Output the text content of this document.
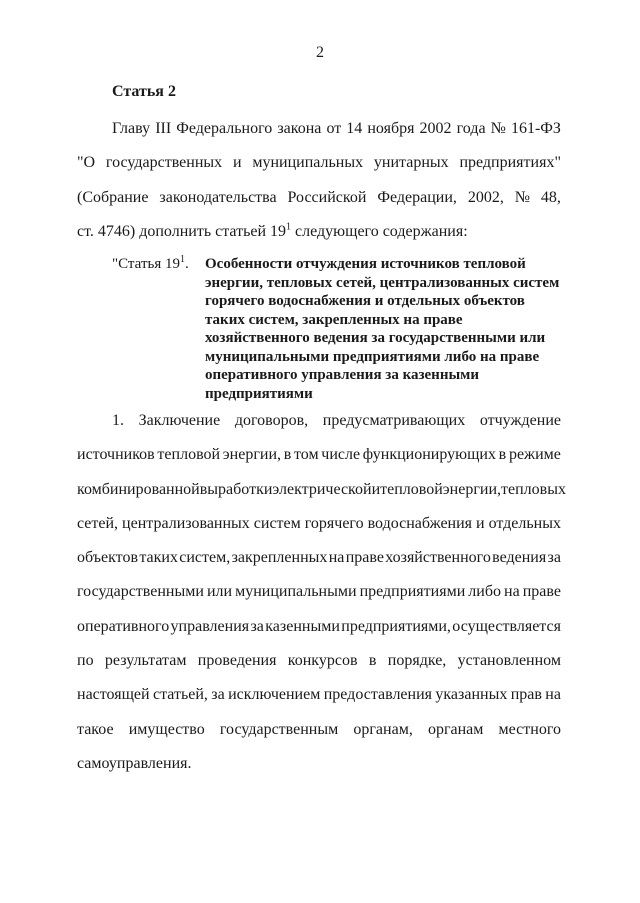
2
Статья 2
Главу III Федерального закона от 14 ноября 2002 года № 161-ФЗ
"О государственных и муниципальных унитарных предприятиях"
(Собрание законодательства Российской Федерации, 2002, № 48,
ст. 4746) дополнить статьей $19^1$ следующего содержания:
"Статья $19^1$. Особенности отчуждения источников тепловой
энергии, тепловых сетей, централизованных систем
горячего водоснабжения и отдельных объектов
таких систем, закрепленных на праве
хозяйственного ведения за государственными или
муниципальными предприятиями либо на праве
оперативного управления за казенными
предприятиями
1. Заключение договоров, предусматривающих отчуждение
источников тепловой энергии, в том числе функционирующих в режиме
комбинированной выработки электрической и тепловой энергии, тепловых
сетей, централизованных систем горячего водоснабжения и отдельных
объектов таких систем, закрепленных на праве хозяйственного ведения за
государственными или муниципальными предприятиями либо на праве
оперативного управления за казенными предприятиями, осуществляется
по результатам проведения конкурсов в порядке, установленном
настоящей статьей, за исключением предоставления указанных прав на
такое имущество государственным органам, органам местного
самоуправления.
